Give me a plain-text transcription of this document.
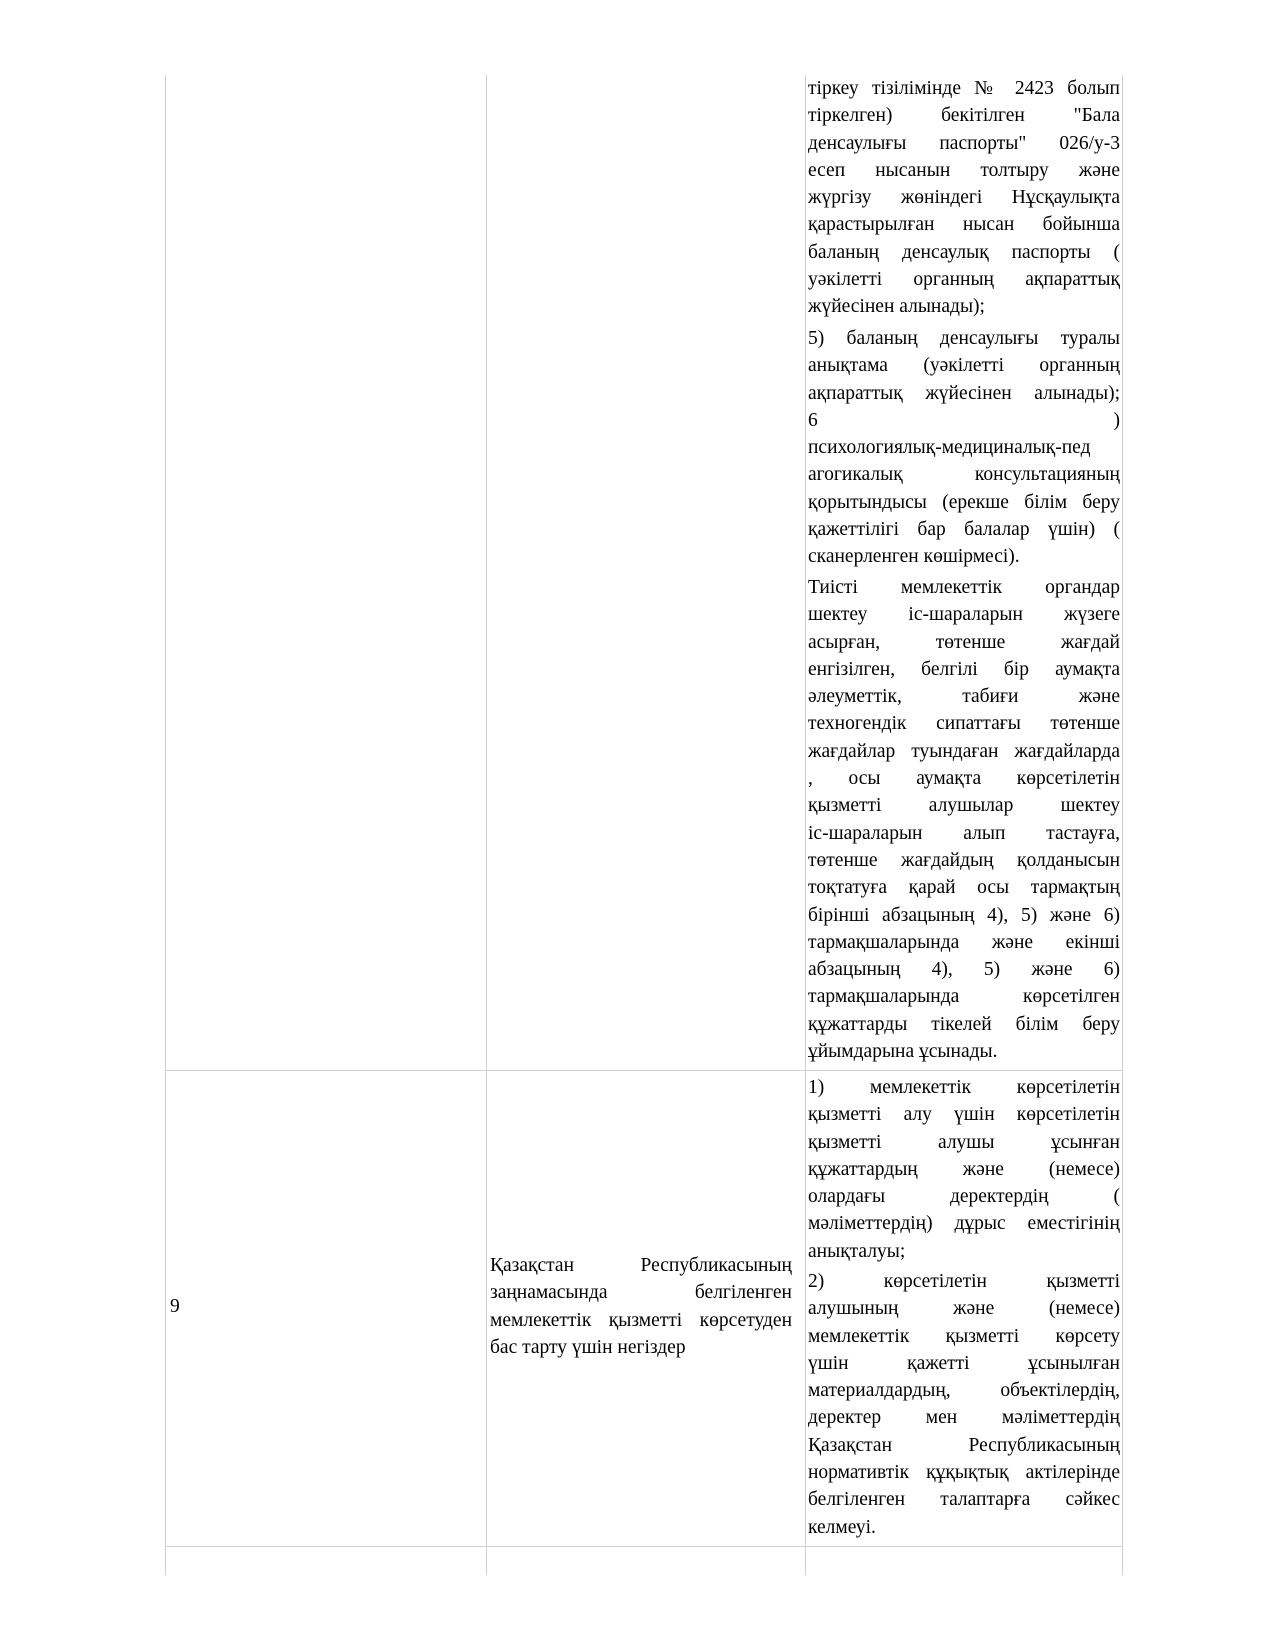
тіркеу тізілімінде № 2423 болып
тіркелген) бекітілген "Бала
денсаулығы паспорты" 026/у-3
есеп нысанын толтыру және
жүргізу жөніндегі Нұсқаулықта
қарастырылған нысан бойынша
баланың денсаулық паспорты (
уәкілетті органның ақпараттық
жүйесінен алынады);
5) баланың денсаулығы туралы
анықтама (уәкілетті органның
ақпараттық жүйесінен алынады);
6 )
психологиялық-медициналық-пед
агогикалық консультацияның
қорытындысы (ерекше білім беру
қажеттілігі бар балалар үшін) (
сканерленген көшірмесі).
Тиісті мемлекеттік органдар
шектеу іс-шараларын жүзеге
асырған, төтенше жағдай
енгізілген, белгілі бір аумақта
әлеуметтік, табиғи және
техногендік сипаттағы төтенше
жағдайлар туындаған жағдайларда
, осы аумақта көрсетілетін
қызметті алушылар шектеу
іс-шараларын алып тастауға,
төтенше жағдайдың қолданысын
тоқтатуға қарай осы тармақтың
бірінші абзацының 4), 5) және 6)
тармақшаларында және екінші
абзацының 4), 5) және 6)
тармақшаларында көрсетілген
құжаттарды тікелей білім беру
ұйымдарына ұсынады.
9
Қазақстан Республикасының
заңнамасында белгіленген
мемлекеттік қызметті көрсетуден
бас тарту үшін негіздер
1) мемлекеттік көрсетілетін
қызметті алу үшін көрсетілетін
қызметті алушы ұсынған
құжаттардың және (немесе)
олардағы деректердің (
мәліметтердің) дұрыс еместігінің
анықталуы;
2) көрсетілетін қызметті
алушының және (немесе)
мемлекеттік қызметті көрсету
үшін қажетті ұсынылған
материалдардың, объектілердің,
деректер мен мәліметтердің
Қазақстан Республикасының
нормативтік құқықтық актілерінде
белгіленген талаптарға сәйкес
келмеуі.
